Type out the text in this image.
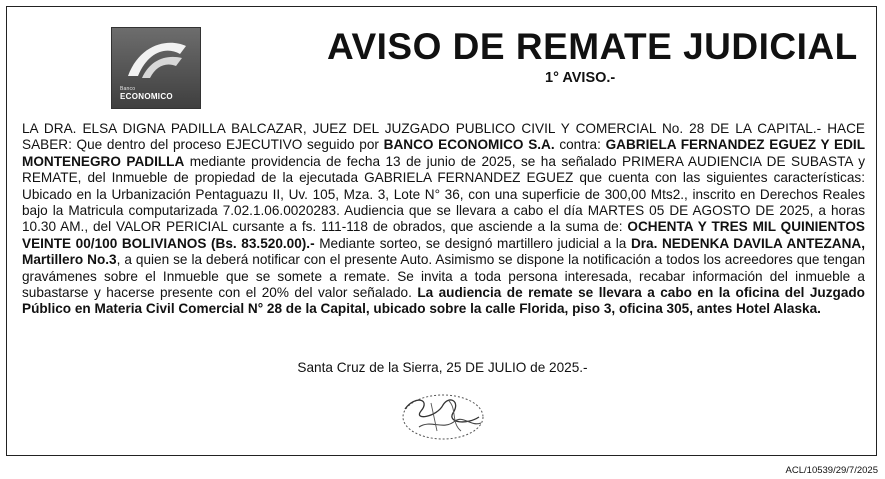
Banco
ECONOMICO
AVISO DE REMATE JUDICIAL
1° AVISO.-
LA DRA. ELSA DIGNA PADILLA BALCAZAR, JUEZ DEL JUZGADO PUBLICO CIVIL Y COMERCIAL No. 28 DE LA CAPITAL.- HACE SABER: Que dentro del proceso EJECUTIVO seguido por BANCO ECONOMICO S.A. contra: GABRIELA FERNANDEZ EGUEZ Y EDIL MONTENEGRO PADILLA mediante providencia de fecha 13 de junio de 2025, se ha señalado PRIMERA AUDIENCIA DE SUBASTA y REMATE, del Inmueble de propiedad de la ejecutada GABRIELA FERNANDEZ EGUEZ que cuenta con las siguientes características: Ubicado en la Urbanización Pentaguazu II, Uv. 105, Mza. 3, Lote N° 36, con una superficie de 300,00 Mts2., inscrito en Derechos Reales bajo la Matricula computarizada 7.02.1.06.0020283. Audiencia que se llevara a cabo el día MARTES 05 DE AGOSTO DE 2025, a horas 10.30 AM., del VALOR PERICIAL cursante a fs. 111-118 de obrados, que asciende a la suma de: OCHENTA Y TRES MIL QUINIENTOS VEINTE 00/100 BOLIVIANOS (Bs. 83.520.00).- Mediante sorteo, se designó martillero judicial a la Dra. NEDENKA DAVILA ANTEZANA, Martillero No.3, a quien se la deberá notificar con el presente Auto. Asimismo se dispone la notificación a todos los acreedores que tengan gravámenes sobre el Inmueble que se somete a remate. Se invita a toda persona interesada, recabar información del inmueble a subastarse y hacerse presente con el 20% del valor señalado. La audiencia de remate se llevara a cabo en la oficina del Juzgado Público en Materia Civil Comercial N° 28 de la Capital, ubicado sobre la calle Florida, piso 3, oficina 305, antes Hotel Alaska.
Santa Cruz de la Sierra, 25 DE JULIO de 2025.-
ACL/10539/29/7/2025
